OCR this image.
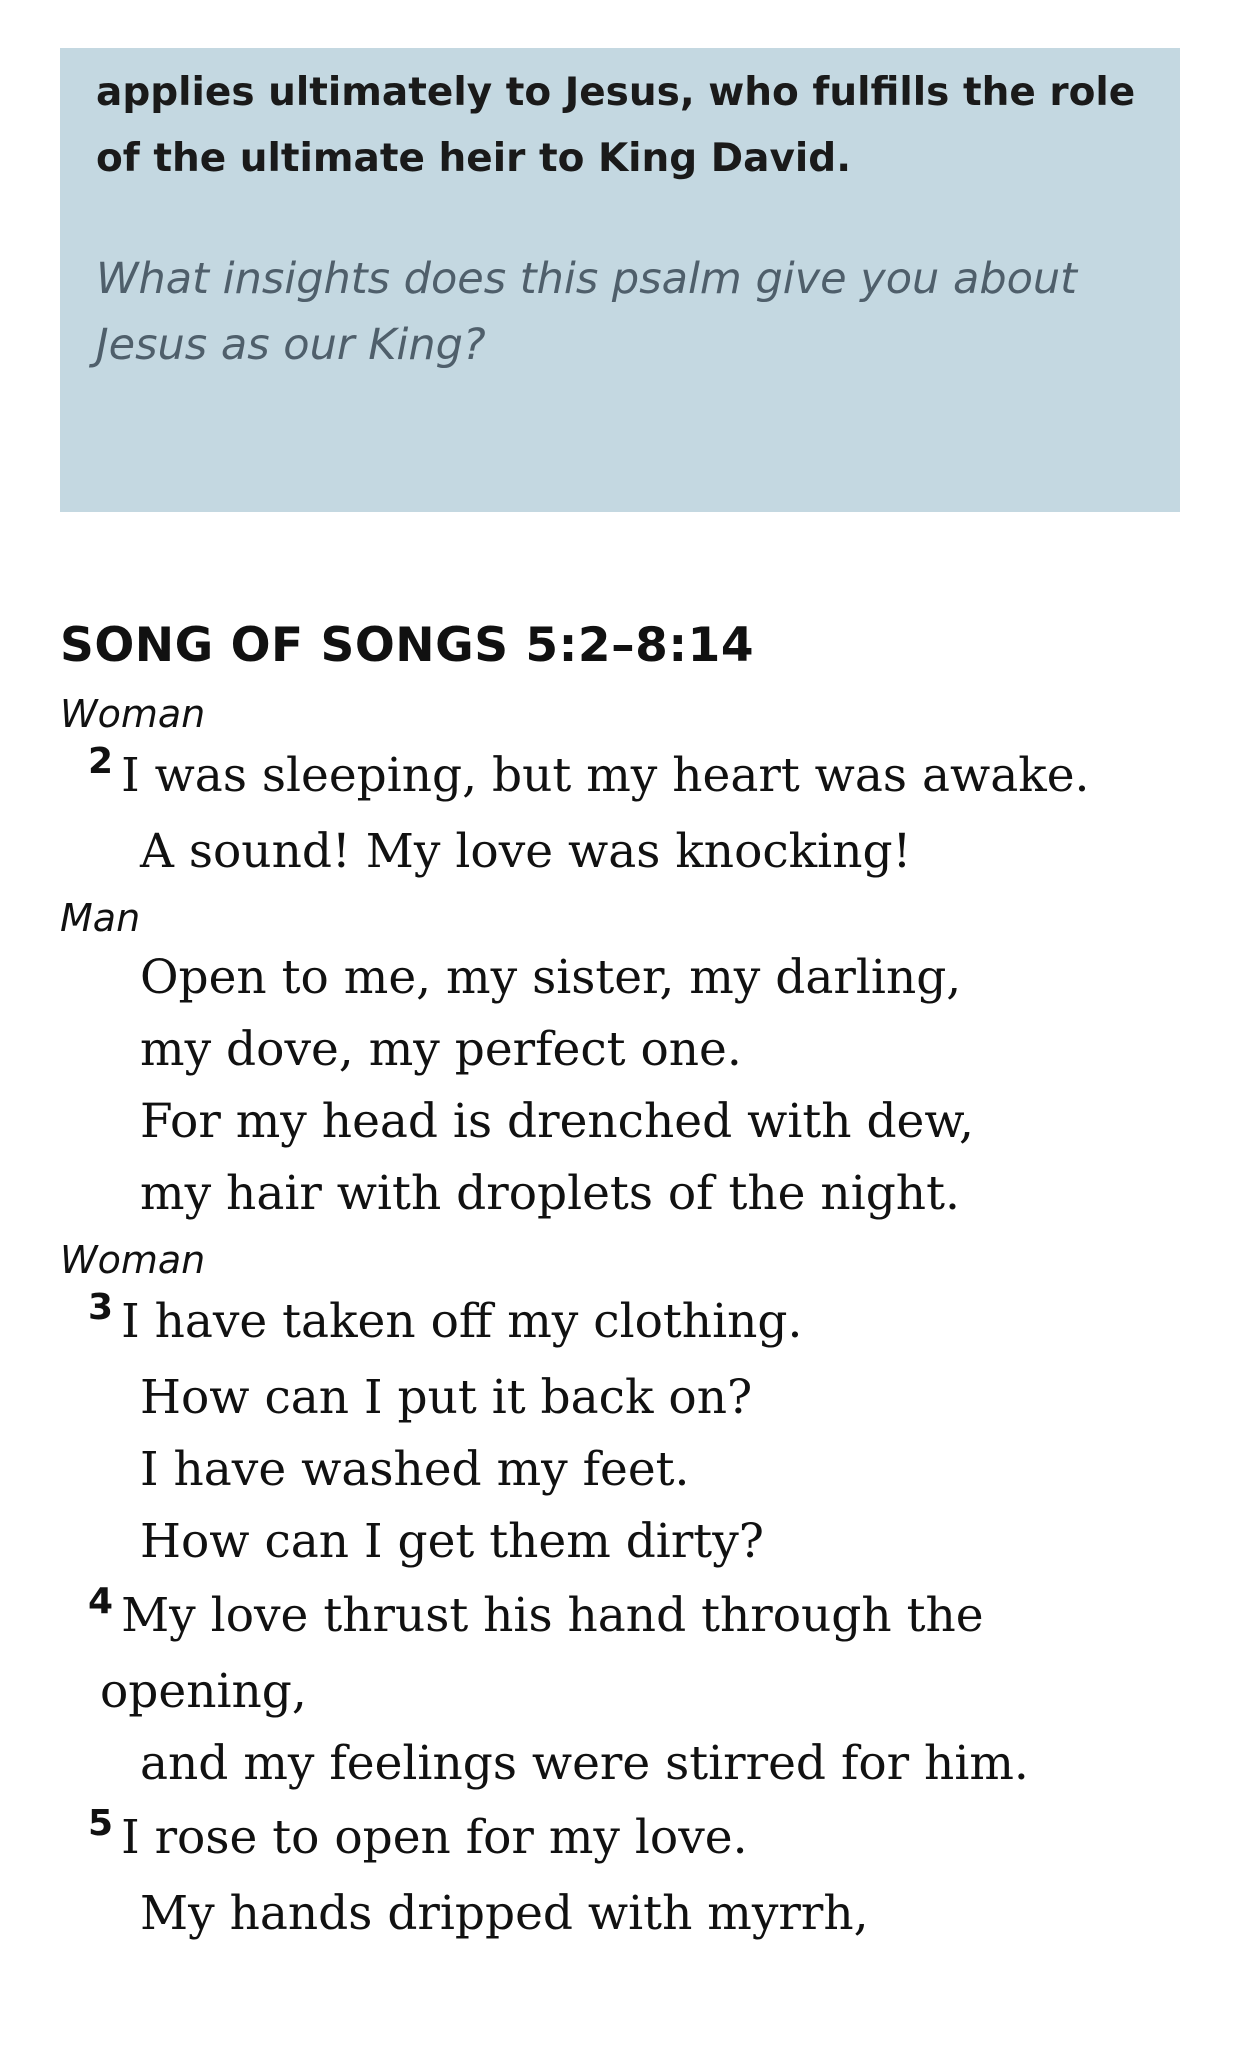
applies ultimately to Jesus, who fulfills the role
of the ultimate heir to King David.

What insights does this psalm give you about
Jesus as our King?

SONG OF SONGS 5:2–8:14
Woman
$^2$ I was sleeping, but my heart was awake.
A sound! My love was knocking!
Man
Open to me, my sister, my darling,
my dove, my perfect one.
For my head is drenched with dew,
my hair with droplets of the night.
Woman
$^3$ I have taken off my clothing.
How can I put it back on?
I have washed my feet.
How can I get them dirty?
$^4$ My love thrust his hand through the
opening,
and my feelings were stirred for him.
$^5$ I rose to open for my love.
My hands dripped with myrrh,
